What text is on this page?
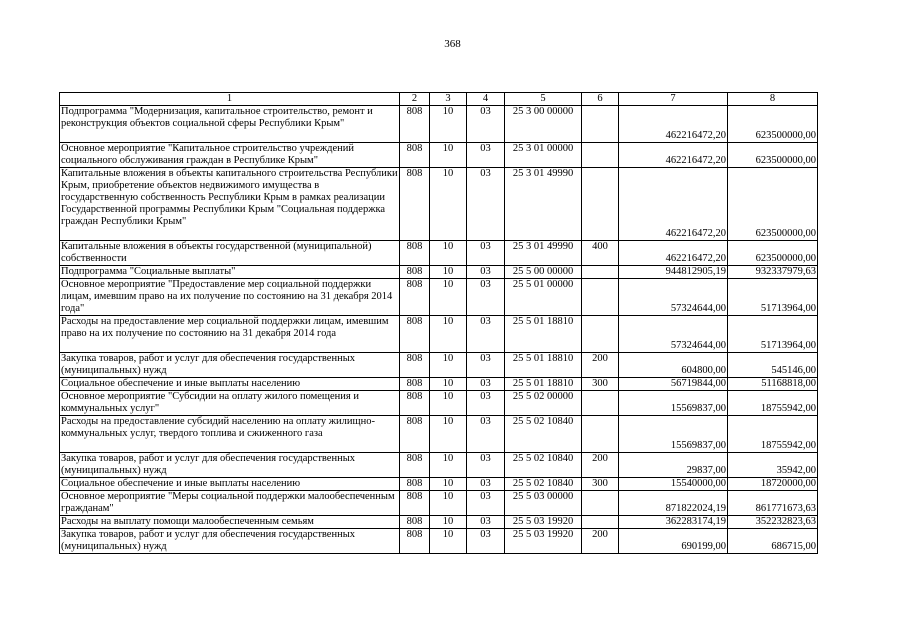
368
1	2	3	4	5	6	7	8
Подпрограмма "Модернизация, капитальное строительство, ремонт и реконструкция объектов социальной сферы Республики Крым"	808	10	03	25 3 00 00000		462216472,20	623500000,00
Основное мероприятие "Капитальное строительство учреждений социального обслуживания граждан в Республике Крым"	808	10	03	25 3 01 00000		462216472,20	623500000,00
Капитальные вложения в объекты капитального строительства Республики Крым, приобретение объектов недвижимого имущества в государственную собственность Республики Крым в рамках реализации Государственной программы Республики Крым "Социальная поддержка граждан Республики Крым"	808	10	03	25 3 01 49990		462216472,20	623500000,00
Капитальные вложения в объекты государственной (муниципальной) собственности	808	10	03	25 3 01 49990	400	462216472,20	623500000,00
Подпрограмма "Социальные выплаты"	808	10	03	25 5 00 00000		944812905,19	932337979,63
Основное мероприятие "Предоставление мер социальной поддержки лицам, имевшим право на их получение по состоянию на 31 декабря 2014 года"	808	10	03	25 5 01 00000		57324644,00	51713964,00
Расходы на предоставление мер социальной поддержки лицам, имевшим право на их получение по состоянию на 31 декабря 2014 года	808	10	03	25 5 01 18810		57324644,00	51713964,00
Закупка товаров, работ и услуг для обеспечения государственных (муниципальных) нужд	808	10	03	25 5 01 18810	200	604800,00	545146,00
Социальное обеспечение и иные выплаты населению	808	10	03	25 5 01 18810	300	56719844,00	51168818,00
Основное мероприятие "Субсидии на оплату жилого помещения и коммунальных услуг"	808	10	03	25 5 02 00000		15569837,00	18755942,00
Расходы на предоставление субсидий населению на оплату жилищно-коммунальных услуг, твердого топлива и сжиженного газа	808	10	03	25 5 02 10840		15569837,00	18755942,00
Закупка товаров, работ и услуг для обеспечения государственных (муниципальных) нужд	808	10	03	25 5 02 10840	200	29837,00	35942,00
Социальное обеспечение и иные выплаты населению	808	10	03	25 5 02 10840	300	15540000,00	18720000,00
Основное мероприятие "Меры социальной поддержки малообеспеченным гражданам"	808	10	03	25 5 03 00000		871822024,19	861771673,63
Расходы на выплату помощи малообеспеченным семьям	808	10	03	25 5 03 19920		362283174,19	352232823,63
Закупка товаров, работ и услуг для обеспечения государственных (муниципальных) нужд	808	10	03	25 5 03 19920	200	690199,00	686715,00
